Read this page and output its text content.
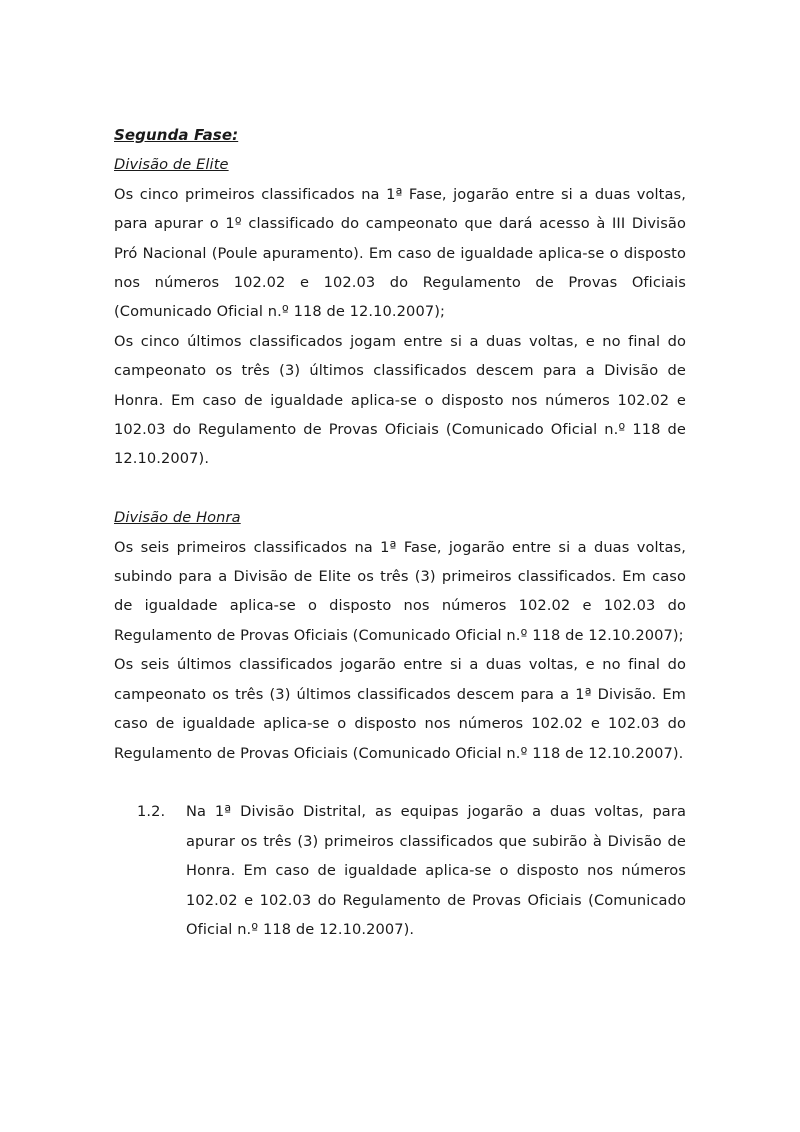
Segunda Fase:
Divisão de Elite

Os cinco primeiros classificados na 1ª Fase, jogarão entre si a duas voltas, para apurar o 1º classificado do campeonato que dará acesso à III Divisão Pró Nacional (Poule apuramento). Em caso de igualdade aplica-se o disposto nos números 102.02 e 102.03 do Regulamento de Provas Oficiais (Comunicado Oficial n.º 118 de 12.10.2007);

Os cinco últimos classificados jogam entre si a duas voltas, e no final do campeonato os três (3) últimos classificados descem para a Divisão de Honra. Em caso de igualdade aplica-se o disposto nos números 102.02 e 102.03 do Regulamento de Provas Oficiais (Comunicado Oficial n.º 118 de 12.10.2007).

Divisão de Honra

Os seis primeiros classificados na 1ª Fase, jogarão entre si a duas voltas, subindo para a Divisão de Elite os três (3) primeiros classificados. Em caso de igualdade aplica-se o disposto nos números 102.02 e 102.03 do Regulamento de Provas Oficiais (Comunicado Oficial n.º 118 de 12.10.2007);

Os seis últimos classificados jogarão entre si a duas voltas, e no final do campeonato os três (3) últimos classificados descem para a 1ª Divisão. Em caso de igualdade aplica-se o disposto nos números 102.02 e 102.03 do Regulamento de Provas Oficiais (Comunicado Oficial n.º 118 de 12.10.2007).

1.2. Na 1ª Divisão Distrital, as equipas jogarão a duas voltas, para apurar os três (3) primeiros classificados que subirão à Divisão de Honra. Em caso de igualdade aplica-se o disposto nos números 102.02 e 102.03 do Regulamento de Provas Oficiais (Comunicado Oficial n.º 118 de 12.10.2007).
